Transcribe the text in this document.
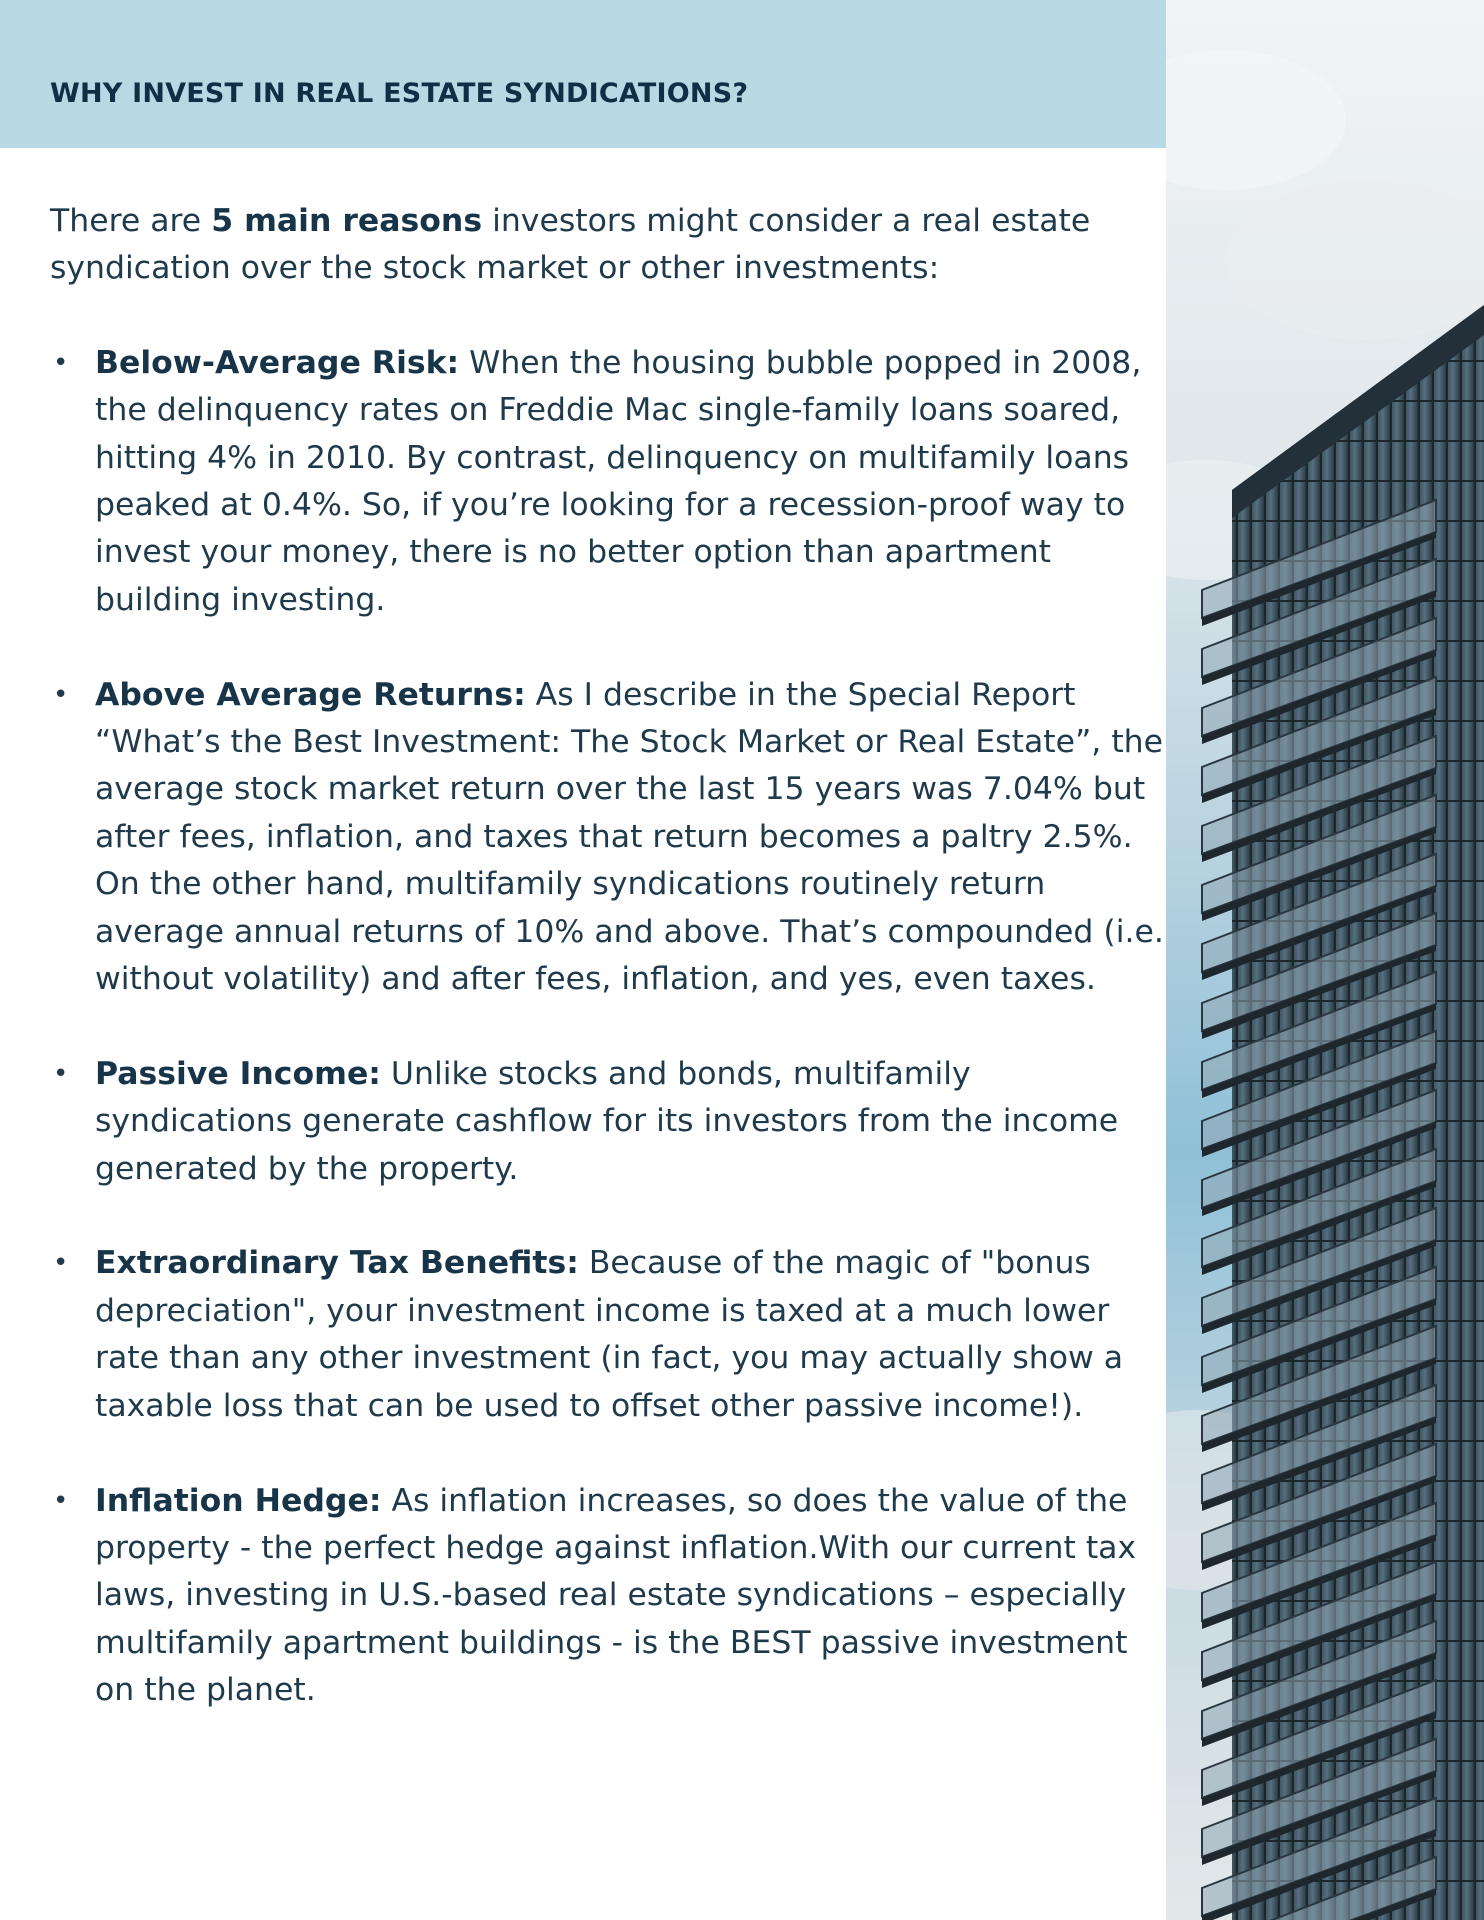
WHY INVEST IN REAL ESTATE SYNDICATIONS?

There are 5 main reasons investors might consider a real estate syndication over the stock market or other investments:

• Below-Average Risk: When the housing bubble popped in 2008, the delinquency rates on Freddie Mac single-family loans soared, hitting 4% in 2010. By contrast, delinquency on multifamily loans peaked at 0.4%. So, if you’re looking for a recession-proof way to invest your money, there is no better option than apartment building investing.
• Above Average Returns: As I describe in the Special Report “What’s the Best Investment: The Stock Market or Real Estate”, the average stock market return over the last 15 years was 7.04% but after fees, inflation, and taxes that return becomes a paltry 2.5%. On the other hand, multifamily syndications routinely return average annual returns of 10% and above. That’s compounded (i.e. without volatility) and after fees, inflation, and yes, even taxes.
• Passive Income: Unlike stocks and bonds, multifamily syndications generate cashflow for its investors from the income generated by the property.
• Extraordinary Tax Benefits: Because of the magic of "bonus depreciation", your investment income is taxed at a much lower rate than any other investment (in fact, you may actually show a taxable loss that can be used to offset other passive income!).
• Inflation Hedge: As inflation increases, so does the value of the property - the perfect hedge against inflation.With our current tax laws, investing in U.S.-based real estate syndications – especially multifamily apartment buildings - is the BEST passive investment on the planet.
